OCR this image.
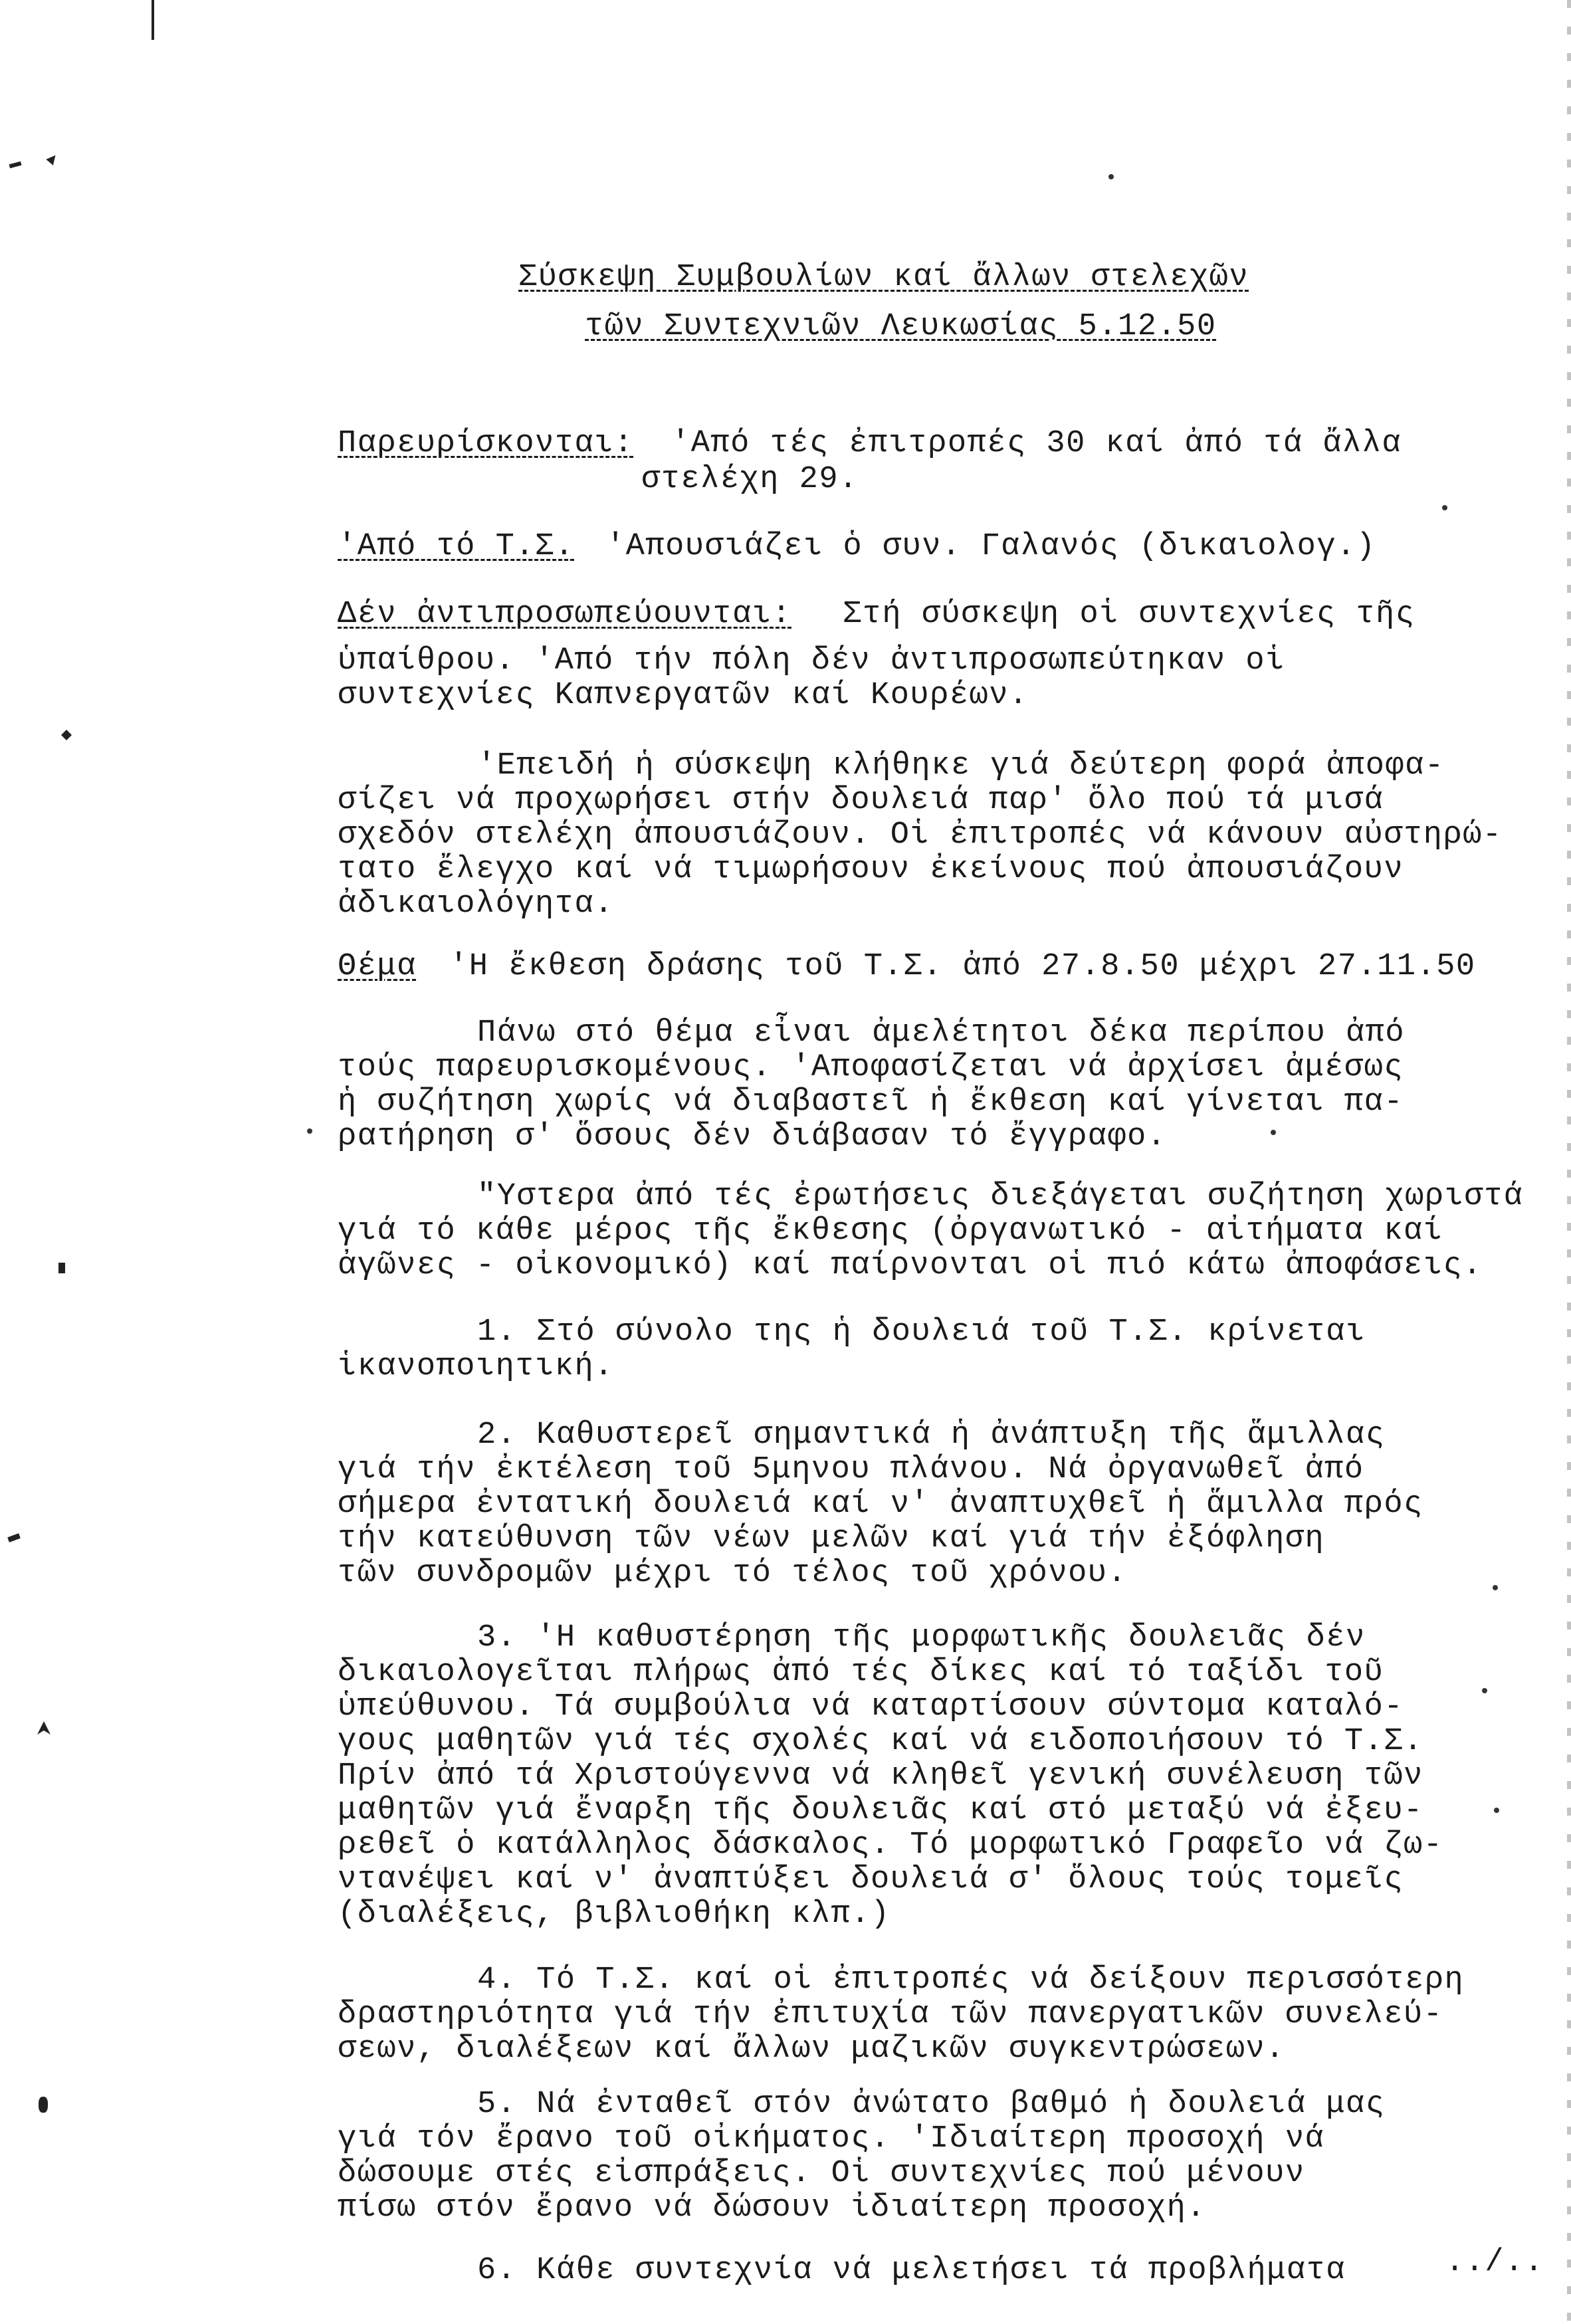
Σύσκεψη Συμβουλίων καί ἄλλων στελεχῶν
τῶν Συντεχνιῶν Λευκωσίας 5.12.50
Παρευρίσκονται: 'Από τές ἐπιτροπές 30 καί ἀπό τά ἄλλα
στελέχη 29.
'Από τό Τ.Σ. 'Απουσιάζει ὁ συν. Γαλανός (δικαιολογ.)
Δέν ἀντιπροσωπεύουνται: Στή σύσκεψη οἱ συντεχνίες τῆς
ὑπαίθρου. 'Από τήν πόλη δέν ἀντιπροσωπεύτηκαν οἱ
συντεχνίες Καπνεργατῶν καί Κουρέων.
'Επειδή ἡ σύσκεψη κλήθηκε γιά δεύτερη φορά ἀποφα-
σίζει νά προχωρήσει στήν δουλειά παρ' ὅλο πού τά μισά
σχεδόν στελέχη ἀπουσιάζουν. Οἱ ἐπιτροπές νά κάνουν αὐστηρώ-
τατο ἔλεγχο καί νά τιμωρήσουν ἐκείνους πού ἀπουσιάζουν
ἀδικαιολόγητα.
Θέμα 'Η ἔκθεση δράσης τοῦ Τ.Σ. ἀπό 27.8.50 μέχρι 27.11.50
Πάνω στό θέμα εἶναι ἀμελέτητοι δέκα περίπου ἀπό
τούς παρευρισκομένους. 'Αποφασίζεται νά ἀρχίσει ἀμέσως
ἡ συζήτηση χωρίς νά διαβαστεῖ ἡ ἔκθεση καί γίνεται πα-
ρατήρηση σ' ὅσους δέν διάβασαν τό ἔγγραφο.
"Υστερα ἀπό τές ἐρωτήσεις διεξάγεται συζήτηση χωριστά
γιά τό κάθε μέρος τῆς ἔκθεσης (ὀργανωτικό - αἰτήματα καί
ἀγῶνες - οἰκονομικό) καί παίρνονται οἱ πιό κάτω ἀποφάσεις.
1. Στό σύνολο της ἡ δουλειά τοῦ Τ.Σ. κρίνεται
ἱκανοποιητική.
2. Καθυστερεῖ σημαντικά ἡ ἀνάπτυξη τῆς ἅμιλλας
γιά τήν ἐκτέλεση τοῦ 5μηνου πλάνου. Νά ὀργανωθεῖ ἀπό
σήμερα ἐντατική δουλειά καί ν' ἀναπτυχθεῖ ἡ ἅμιλλα πρός
τήν κατεύθυνση τῶν νέων μελῶν καί γιά τήν ἐξόφληση
τῶν συνδρομῶν μέχρι τό τέλος τοῦ χρόνου.
3. 'Η καθυστέρηση τῆς μορφωτικῆς δουλειᾶς δέν
δικαιολογεῖται πλήρως ἀπό τές δίκες καί τό ταξίδι τοῦ
ὑπεύθυνου. Τά συμβούλια νά καταρτίσουν σύντομα καταλό-
γους μαθητῶν γιά τές σχολές καί νά ειδοποιήσουν τό Τ.Σ.
Πρίν ἀπό τά Χριστούγεννα νά κληθεῖ γενική συνέλευση τῶν
μαθητῶν γιά ἔναρξη τῆς δουλειᾶς καί στό μεταξύ νά ἐξευ-
ρεθεῖ ὁ κατάλληλος δάσκαλος. Τό μορφωτικό Γραφεῖο νά ζω-
ντανέψει καί ν' ἀναπτύξει δουλειά σ' ὅλους τούς τομεῖς
(διαλέξεις, βιβλιοθήκη κλπ.)
4. Τό Τ.Σ. καί οἱ ἐπιτροπές νά δείξουν περισσότερη
δραστηριότητα γιά τήν ἐπιτυχία τῶν πανεργατικῶν συνελεύ-
σεων, διαλέξεων καί ἄλλων μαζικῶν συγκεντρώσεων.
5. Νά ἐνταθεῖ στόν ἀνώτατο βαθμό ἡ δουλειά μας
γιά τόν ἔρανο τοῦ οἰκήματος. 'Ιδιαίτερη προσοχή νά
δώσουμε στές εἰσπράξεις. Οἱ συντεχνίες πού μένουν
πίσω στόν ἔρανο νά δώσουν ἰδιαίτερη προσοχή.
6. Κάθε συντεχνία νά μελετήσει τά προβλήματα	../..
